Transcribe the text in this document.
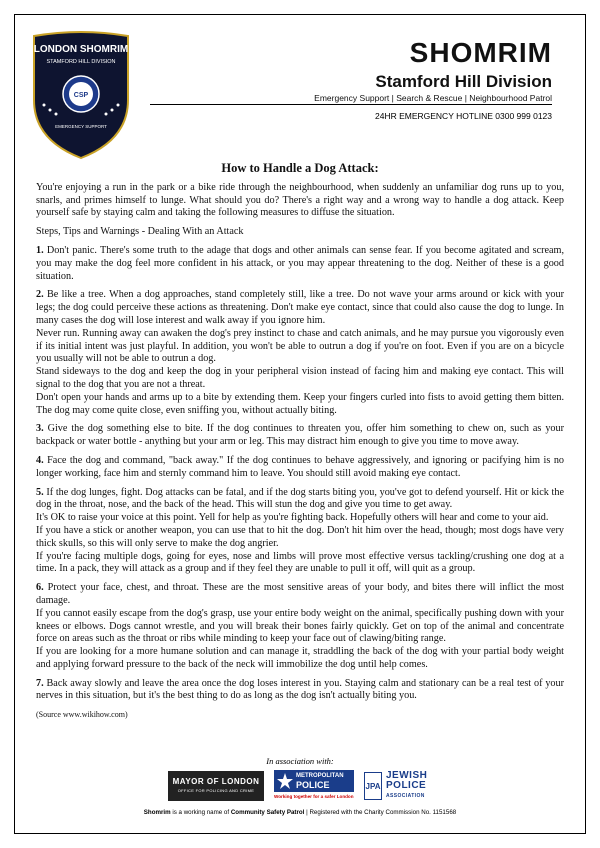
LONDON SHOMRIM
STAMFORD HILL DIVISION
CSP
EMERGENCY SUPPORT
SHOMRIM
Stamford Hill Division
Emergency Support | Search & Rescue | Neighbourhood Patrol
24HR EMERGENCY HOTLINE 0300 999 0123
How to Handle a Dog Attack:

You're enjoying a run in the park or a bike ride through the neighbourhood, when suddenly an unfamiliar dog runs up to you, snarls, and primes himself to lunge. What should you do? There's a right way and a wrong way to handle a dog attack. Keep yourself safe by staying calm and taking the following measures to diffuse the situation.

Steps, Tips and Warnings - Dealing With an Attack

1. Don't panic. There's some truth to the adage that dogs and other animals can sense fear. If you become agitated and scream, you may make the dog feel more confident in his attack, or you may appear threatening to the dog. Neither of these is a good situation.

2. Be like a tree. When a dog approaches, stand completely still, like a tree. Do not wave your arms around or kick with your legs; the dog could perceive these actions as threatening. Don't make eye contact, since that could also cause the dog to lunge. In many cases the dog will lose interest and walk away if you ignore him.

Never run. Running away can awaken the dog's prey instinct to chase and catch animals, and he may pursue you vigorously even if its initial intent was just playful. In addition, you won't be able to outrun a dog if you're on foot. Even if you are on a bicycle you usually will not be able to outrun a dog.

Stand sideways to the dog and keep the dog in your peripheral vision instead of facing him and making eye contact. This will signal to the dog that you are not a threat.

Don't open your hands and arms up to a bite by extending them. Keep your fingers curled into fists to avoid getting them bitten. The dog may come quite close, even sniffing you, without actually biting.

3. Give the dog something else to bite. If the dog continues to threaten you, offer him something to chew on, such as your backpack or water bottle - anything but your arm or leg. This may distract him enough to give you time to move away.

4. Face the dog and command, "back away." If the dog continues to behave aggressively, and ignoring or pacifying him is no longer working, face him and sternly command him to leave. You should still avoid making eye contact.

5. If the dog lunges, fight. Dog attacks can be fatal, and if the dog starts biting you, you've got to defend yourself. Hit or kick the dog in the throat, nose, and the back of the head. This will stun the dog and give you time to get away.

It's OK to raise your voice at this point. Yell for help as you're fighting back. Hopefully others will hear and come to your aid.

If you have a stick or another weapon, you can use that to hit the dog. Don't hit him over the head, though; most dogs have very thick skulls, so this will only serve to make the dog angrier.

If you're facing multiple dogs, going for eyes, nose and limbs will prove most effective versus tackling/crushing one dog at a time. In a pack, they will attack as a group and if they feel they are unable to pull it off, will quit as a group.

6. Protect your face, chest, and throat. These are the most sensitive areas of your body, and bites there will inflict the most damage.

If you cannot easily escape from the dog's grasp, use your entire body weight on the animal, specifically pushing down with your knees or elbows. Dogs cannot wrestle, and you will break their bones fairly quickly. Get on top of the animal and concentrate force on areas such as the throat or ribs while minding to keep your face out of clawing/biting range.

If you are looking for a more humane solution and can manage it, straddling the back of the dog with your partial body weight and applying forward pressure to the back of the neck will immobilize the dog until help comes.

7. Back away slowly and leave the area once the dog loses interest in you. Staying calm and stationary can be a real test of your nerves in this situation, but it's the best thing to do as long as the dog isn't actually biting you.

(Source www.wikihow.com)
In association with:
MAYOR OF LONDON
OFFICE FOR POLICING AND CRIME
METROPOLITAN
POLICE
Working together for a safer London
JPA
JEWISH
POLICE
ASSOCIATION
Shomrim is a working name of Community Safety Patrol | Registered with the Charity Commission No. 1151568
